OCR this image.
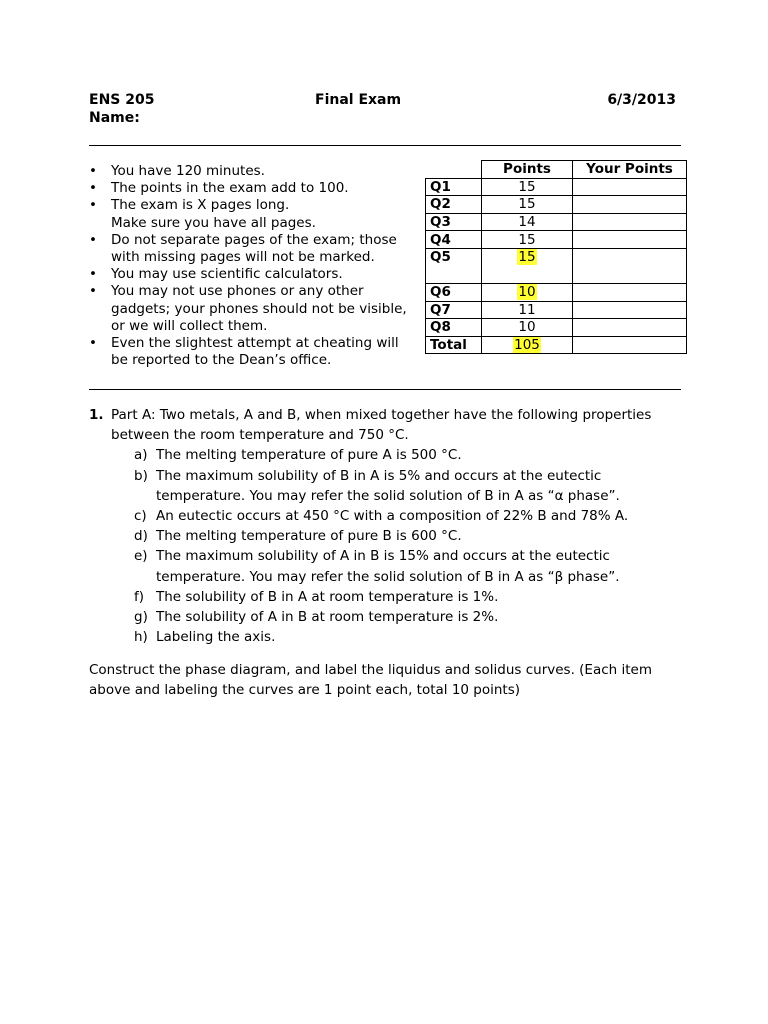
ENS 205	Final Exam	6/3/2013
Name:
• You have 120 minutes.
• The points in the exam add to 100.
• The exam is X pages long.
Make sure you have all pages.
• Do not separate pages of the exam; those with missing pages will not be marked.
• You may use scientific calculators.
• You may not use phones or any other gadgets; your phones should not be visible, or we will collect them.
• Even the slightest attempt at cheating will be reported to the Dean’s office.
	Points	Your Points
Q1	15	
Q2	15	
Q3	14	
Q4	15	
Q5	15	
Q6	10	
Q7	11	
Q8	10	
Total	105	
1. Part A: Two metals, A and B, when mixed together have the following properties between the room temperature and 750 °C.
a) The melting temperature of pure A is 500 °C.
b) The maximum solubility of B in A is 5% and occurs at the eutectic temperature. You may refer the solid solution of B in A as “α phase”.
c) An eutectic occurs at 450 °C with a composition of 22% B and 78% A.
d) The melting temperature of pure B is 600 °C.
e) The maximum solubility of A in B is 15% and occurs at the eutectic temperature. You may refer the solid solution of B in A as “β phase”.
f) The solubility of B in A at room temperature is 1%.
g) The solubility of A in B at room temperature is 2%.
h) Labeling the axis.
Construct the phase diagram, and label the liquidus and solidus curves. (Each item above and labeling the curves are 1 point each, total 10 points)
